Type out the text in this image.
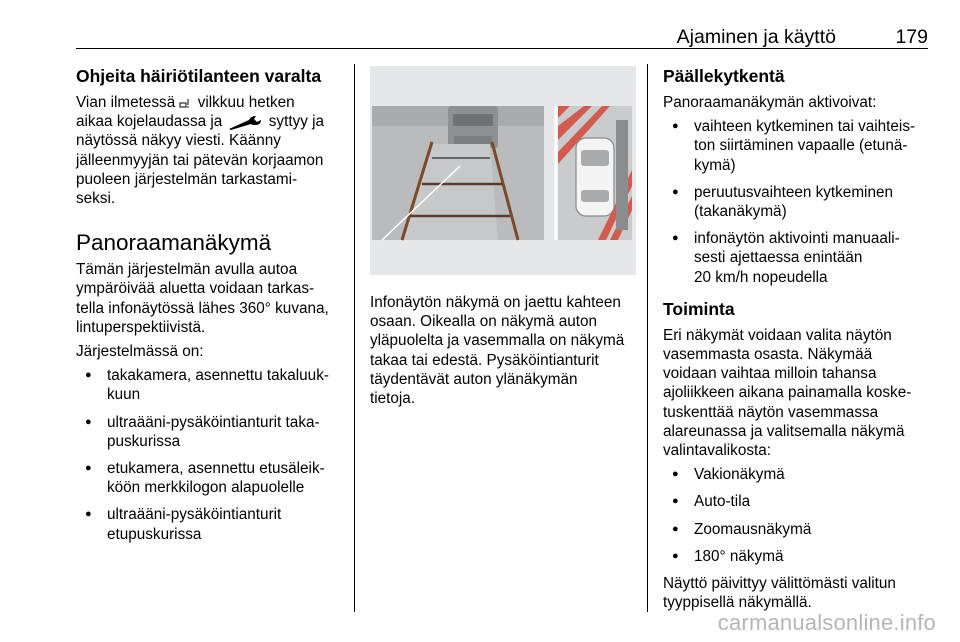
Ajaminen ja käyttö	179
Ohjeita häiriötilanteen varalta

Vian ilmetessä vilkkuu hetken
aikaa kojelaudassa ja	syttyy ja
näytössä näkyy viesti. Käänny
jälleenmyyjän tai pätevän korjaamon
puoleen järjestelmän tarkastami-
seksi.

Panoraamanäkymä

Tämän järjestelmän avulla autoa
ympäröivää aluetta voidaan tarkas-
tella infonäytössä lähes 360° kuvana,
lintuperspektiivistä.

Järjestelmässä on:

● takakamera, asennettu takaluuk-
kuun
● ultraääni-pysäköintianturit taka-
puskurissa
● etukamera, asennettu etusäleik-
köön merkkilogon alapuolelle
● ultraääni-pysäköintianturit
etupuskurissa

Infonäytön näkymä on jaettu kahteen
osaan. Oikealla on näkymä auton
yläpuolelta ja vasemmalla on näkymä
takaa tai edestä. Pysäköintianturit
täydentävät auton ylänäkymän
tietoja.

Päällekytkentä

Panoraamanäkymän aktivoivat:

● vaihteen kytkeminen tai vaihteis-
ton siirtäminen vapaalle (etunä-
kymä)
● peruutusvaihteen kytkeminen
(takanäkymä)
● infonäytön aktivointi manuaali-
sesti ajettaessa enintään
20 km/h nopeudella
Toiminta

Eri näkymät voidaan valita näytön
vasemmasta osasta. Näkymää
voidaan vaihtaa milloin tahansa
ajoliikkeen aikana painamalla koske-
tuskenttää näytön vasemmassa
alareunassa ja valitsemalla näkymä
valintavalikosta:

● Vakionäkymä
● Auto-tila
● Zoomausnäkymä
● 180° näkymä

Näyttö päivittyy välittömästi valitun
tyyppisellä näkymällä.

carmanualsonline.info
